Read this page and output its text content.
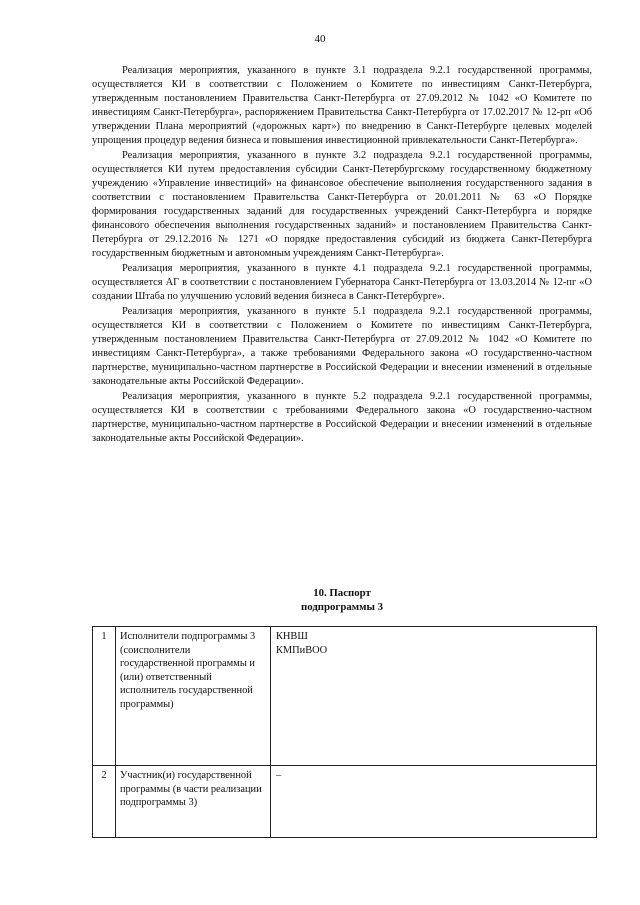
40

Реализация мероприятия, указанного в пункте 3.1 подраздела 9.2.1 государственной программы, осуществляется КИ в соответствии с Положением о Комитете по инвестициям Санкт-Петербурга, утвержденным постановлением Правительства Санкт-Петербурга от 27.09.2012 № 1042 «О Комитете по инвестициям Санкт-Петербурга», распоряжением Правительства Санкт-Петербурга от 17.02.2017 № 12-рп «Об утверждении Плана мероприятий («дорожных карт») по внедрению в Санкт-Петербурге целевых моделей упрощения процедур ведения бизнеса и повышения инвестиционной привлекательности Санкт-Петербурга».

Реализация мероприятия, указанного в пункте 3.2 подраздела 9.2.1 государственной программы, осуществляется КИ путем предоставления субсидии Санкт-Петербургскому государственному бюджетному учреждению «Управление инвестиций» на финансовое обеспечение выполнения государственного задания в соответствии с постановлением Правительства Санкт-Петербурга от 20.01.2011 № 63 «О Порядке формирования государственных заданий для государственных учреждений Санкт-Петербурга и порядке финансового обеспечения выполнения государственных заданий» и постановлением Правительства Санкт-Петербурга от 29.12.2016 № 1271 «О порядке предоставления субсидий из бюджета Санкт-Петербурга государственным бюджетным и автономным учреждениям Санкт-Петербурга».

Реализация мероприятия, указанного в пункте 4.1 подраздела 9.2.1 государственной программы, осуществляется АГ в соответствии с постановлением Губернатора Санкт-Петербурга от 13.03.2014 № 12-пг «О создании Штаба по улучшению условий ведения бизнеса в Санкт-Петербурге».

Реализация мероприятия, указанного в пункте 5.1 подраздела 9.2.1 государственной программы, осуществляется КИ в соответствии с Положением о Комитете по инвестициям Санкт-Петербурга, утвержденным постановлением Правительства Санкт-Петербурга от 27.09.2012 № 1042 «О Комитете по инвестициям Санкт-Петербурга», а также требованиями Федерального закона «О государственно-частном партнерстве, муниципально-частном партнерстве в Российской Федерации и внесении изменений в отдельные законодательные акты Российской Федерации».

Реализация мероприятия, указанного в пункте 5.2 подраздела 9.2.1 государственной программы, осуществляется КИ в соответствии с требованиями Федерального закона «О государственно-частном партнерстве, муниципально-частном партнерстве в Российской Федерации и внесении изменений в отдельные законодательные акты Российской Федерации».

10. Паспорт
подпрограммы 3
1	Исполнители подпрограммы 3 (соисполнители государственной программы и (или) ответственный исполнитель государственной программы)	КНВШ
КМПиВОО

2	Участник(и) государственной программы (в части реализации подпрограммы 3)	–
